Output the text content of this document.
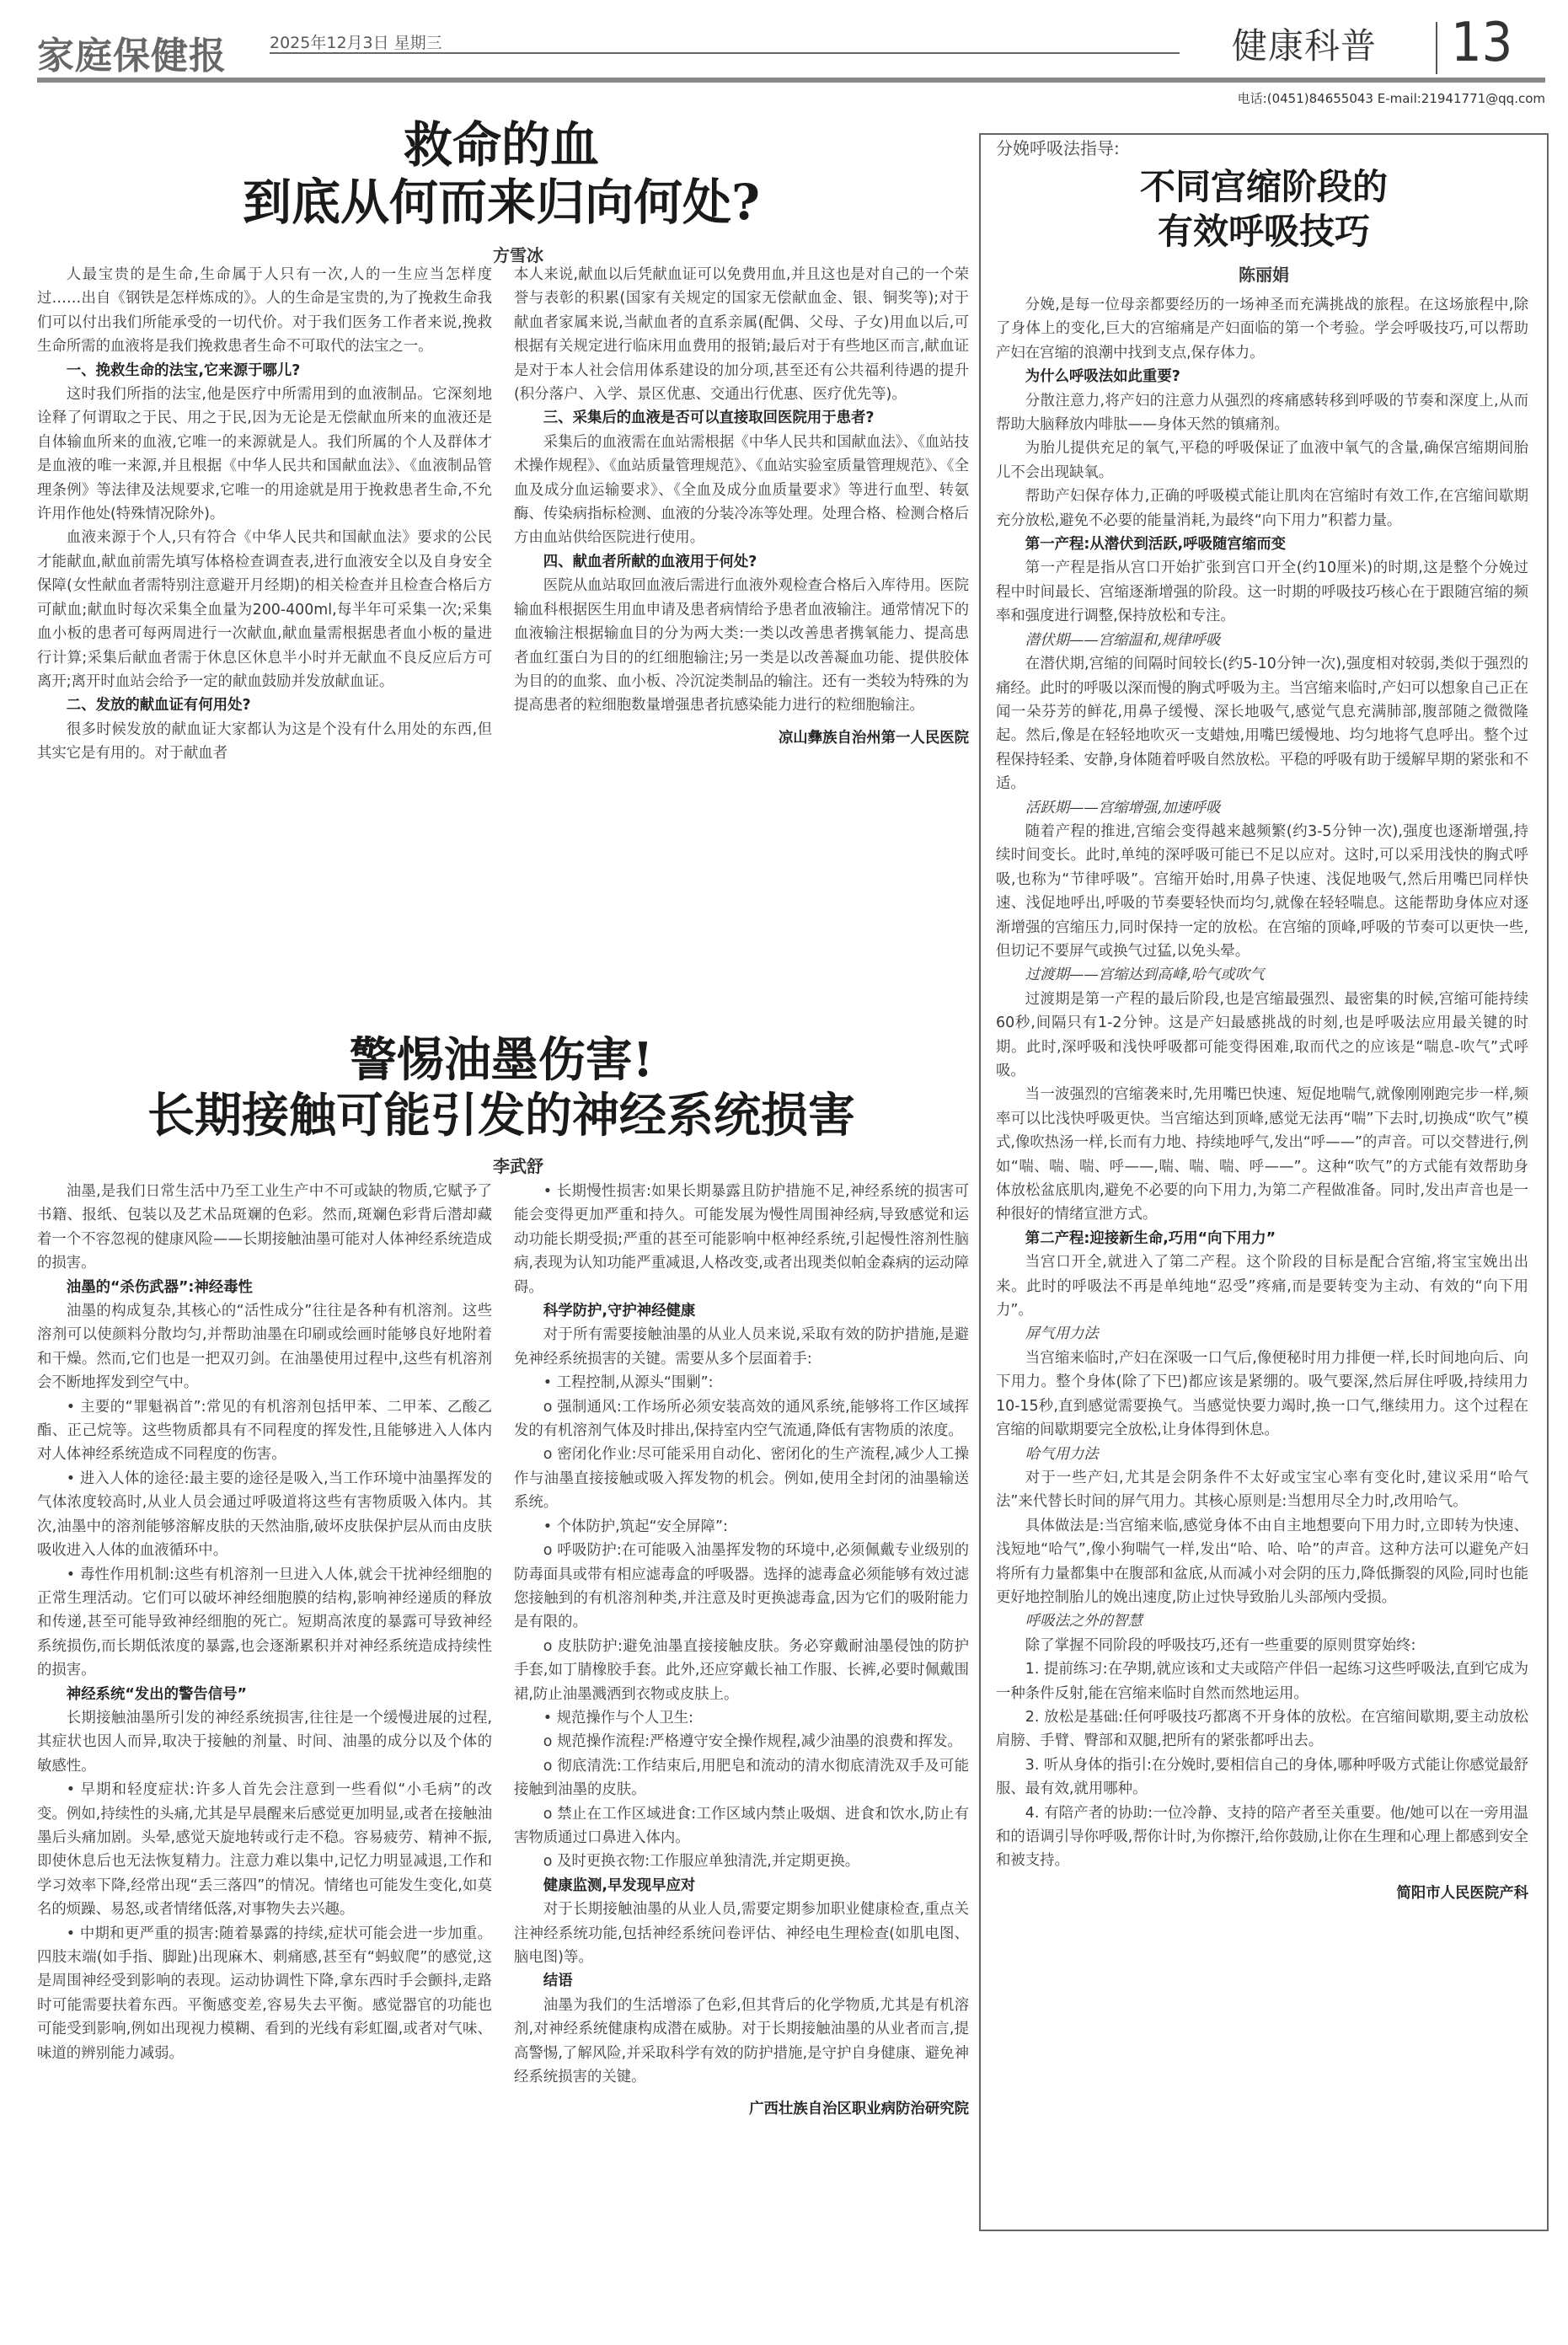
家庭保健报	2025年12月3日 星期三	健康科普 13
电话:(0451)84655043 E-mail:21941771@qq.com
救命的血
到底从何而来归向何处?
方雪冰

人最宝贵的是生命,生命属于人只有一次,人的一生应当怎样度过……出自《钢铁是怎样炼成的》。人的生命是宝贵的,为了挽救生命我们可以付出我们所能承受的一切代价。对于我们医务工作者来说,挽救生命所需的血液将是我们挽救患者生命不可取代的法宝之一。

一、挽救生命的法宝,它来源于哪儿?

这时我们所指的法宝,他是医疗中所需用到的血液制品。它深刻地诠释了何谓取之于民、用之于民,因为无论是无偿献血所来的血液还是自体输血所来的血液,它唯一的来源就是人。我们所属的个人及群体才是血液的唯一来源,并且根据《中华人民共和国献血法》、《血液制品管理条例》等法律及法规要求,它唯一的用途就是用于挽救患者生命,不允许用作他处(特殊情况除外)。

血液来源于个人,只有符合《中华人民共和国献血法》要求的公民才能献血,献血前需先填写体格检查调查表,进行血液安全以及自身安全保障(女性献血者需特别注意避开月经期)的相关检查并且检查合格后方可献血;献血时每次采集全血量为200-400ml,每半年可采集一次;采集血小板的患者可每两周进行一次献血,献血量需根据患者血小板的量进行计算;采集后献血者需于休息区休息半小时并无献血不良反应后方可离开;离开时血站会给予一定的献血鼓励并发放献血证。

二、发放的献血证有何用处?

很多时候发放的献血证大家都认为这是个没有什么用处的东西,但其实它是有用的。对于献血者

本人来说,献血以后凭献血证可以免费用血,并且这也是对自己的一个荣誉与表彰的积累(国家有关规定的国家无偿献血金、银、铜奖等);对于献血者家属来说,当献血者的直系亲属(配偶、父母、子女)用血以后,可根据有关规定进行临床用血费用的报销;最后对于有些地区而言,献血证是对于本人社会信用体系建设的加分项,甚至还有公共福利待遇的提升(积分落户、入学、景区优惠、交通出行优惠、医疗优先等)。

三、采集后的血液是否可以直接取回医院用于患者?

采集后的血液需在血站需根据《中华人民共和国献血法》、《血站技术操作规程》、《血站质量管理规范》、《血站实验室质量管理规范》、《全血及成分血运输要求》、《全血及成分血质量要求》等进行血型、转氨酶、传染病指标检测、血液的分装冷冻等处理。处理合格、检测合格后方由血站供给医院进行使用。

四、献血者所献的血液用于何处?

医院从血站取回血液后需进行血液外观检查合格后入库待用。医院输血科根据医生用血申请及患者病情给予患者血液输注。通常情况下的血液输注根据输血目的分为两大类:一类以改善患者携氧能力、提高患者血红蛋白为目的的红细胞输注;另一类是以改善凝血功能、提供胶体为目的的血浆、血小板、冷沉淀类制品的输注。还有一类较为特殊的为提高患者的粒细胞数量增强患者抗感染能力进行的粒细胞输注。

凉山彝族自治州第一人民医院

警惕油墨伤害!
长期接触可能引发的神经系统损害
李武舒

油墨,是我们日常生活中乃至工业生产中不可或缺的物质,它赋予了书籍、报纸、包装以及艺术品斑斓的色彩。然而,斑斓色彩背后潜却藏着一个不容忽视的健康风险——长期接触油墨可能对人体神经系统造成的损害。

油墨的“杀伤武器”:神经毒性

油墨的构成复杂,其核心的“活性成分”往往是各种有机溶剂。这些溶剂可以使颜料分散均匀,并帮助油墨在印刷或绘画时能够良好地附着和干燥。然而,它们也是一把双刃剑。在油墨使用过程中,这些有机溶剂会不断地挥发到空气中。

• 主要的“罪魁祸首”:常见的有机溶剂包括甲苯、二甲苯、乙酸乙酯、正己烷等。这些物质都具有不同程度的挥发性,且能够进入人体内对人体神经系统造成不同程度的伤害。

• 进入人体的途径:最主要的途径是吸入,当工作环境中油墨挥发的气体浓度较高时,从业人员会通过呼吸道将这些有害物质吸入体内。其次,油墨中的溶剂能够溶解皮肤的天然油脂,破坏皮肤保护层从而由皮肤吸收进入人体的血液循环中。

• 毒性作用机制:这些有机溶剂一旦进入人体,就会干扰神经细胞的正常生理活动。它们可以破坏神经细胞膜的结构,影响神经递质的释放和传递,甚至可能导致神经细胞的死亡。短期高浓度的暴露可导致神经系统损伤,而长期低浓度的暴露,也会逐渐累积并对神经系统造成持续性的损害。

神经系统“发出的警告信号”

长期接触油墨所引发的神经系统损害,往往是一个缓慢进展的过程,其症状也因人而异,取决于接触的剂量、时间、油墨的成分以及个体的敏感性。

• 早期和轻度症状:许多人首先会注意到一些看似“小毛病”的改变。例如,持续性的头痛,尤其是早晨醒来后感觉更加明显,或者在接触油墨后头痛加剧。头晕,感觉天旋地转或行走不稳。容易疲劳、精神不振,即使休息后也无法恢复精力。注意力难以集中,记忆力明显减退,工作和学习效率下降,经常出现“丢三落四”的情况。情绪也可能发生变化,如莫名的烦躁、易怒,或者情绪低落,对事物失去兴趣。

• 中期和更严重的损害:随着暴露的持续,症状可能会进一步加重。四肢末端(如手指、脚趾)出现麻木、刺痛感,甚至有“蚂蚁爬”的感觉,这是周围神经受到影响的表现。运动协调性下降,拿东西时手会颤抖,走路时可能需要扶着东西。平衡感变差,容易失去平衡。感觉器官的功能也可能受到影响,例如出现视力模糊、看到的光线有彩虹圈,或者对气味、味道的辨别能力减弱。

• 长期慢性损害:如果长期暴露且防护措施不足,神经系统的损害可能会变得更加严重和持久。可能发展为慢性周围神经病,导致感觉和运动功能长期受损;严重的甚至可能影响中枢神经系统,引起慢性溶剂性脑病,表现为认知功能严重减退,人格改变,或者出现类似帕金森病的运动障碍。

科学防护,守护神经健康

对于所有需要接触油墨的从业人员来说,采取有效的防护措施,是避免神经系统损害的关键。需要从多个层面着手:

• 工程控制,从源头“围剿”:

o 强制通风:工作场所必须安装高效的通风系统,能够将工作区域挥发的有机溶剂气体及时排出,保持室内空气流通,降低有害物质的浓度。

o 密闭化作业:尽可能采用自动化、密闭化的生产流程,减少人工操作与油墨直接接触或吸入挥发物的机会。例如,使用全封闭的油墨输送系统。

• 个体防护,筑起“安全屏障”:

o 呼吸防护:在可能吸入油墨挥发物的环境中,必须佩戴专业级别的防毒面具或带有相应滤毒盒的呼吸器。选择的滤毒盒必须能够有效过滤您接触到的有机溶剂种类,并注意及时更换滤毒盒,因为它们的吸附能力是有限的。

o 皮肤防护:避免油墨直接接触皮肤。务必穿戴耐油墨侵蚀的防护手套,如丁腈橡胶手套。此外,还应穿戴长袖工作服、长裤,必要时佩戴围裙,防止油墨溅洒到衣物或皮肤上。

• 规范操作与个人卫生:

o 规范操作流程:严格遵守安全操作规程,减少油墨的浪费和挥发。

o 彻底清洗:工作结束后,用肥皂和流动的清水彻底清洗双手及可能接触到油墨的皮肤。

o 禁止在工作区域进食:工作区域内禁止吸烟、进食和饮水,防止有害物质通过口鼻进入体内。

o 及时更换衣物:工作服应单独清洗,并定期更换。

健康监测,早发现早应对

对于长期接触油墨的从业人员,需要定期参加职业健康检查,重点关注神经系统功能,包括神经系统问卷评估、神经电生理检查(如肌电图、脑电图)等。

结语

油墨为我们的生活增添了色彩,但其背后的化学物质,尤其是有机溶剂,对神经系统健康构成潜在威胁。对于长期接触油墨的从业者而言,提高警惕,了解风险,并采取科学有效的防护措施,是守护自身健康、避免神经系统损害的关键。

广西壮族自治区职业病防治研究院

分娩呼吸法指导:
不同宫缩阶段的
有效呼吸技巧
陈丽娟

分娩,是每一位母亲都要经历的一场神圣而充满挑战的旅程。在这场旅程中,除了身体上的变化,巨大的宫缩痛是产妇面临的第一个考验。学会呼吸技巧,可以帮助产妇在宫缩的浪潮中找到支点,保存体力。

为什么呼吸法如此重要?

分散注意力,将产妇的注意力从强烈的疼痛感转移到呼吸的节奏和深度上,从而帮助大脑释放内啡肽——身体天然的镇痛剂。

为胎儿提供充足的氧气,平稳的呼吸保证了血液中氧气的含量,确保宫缩期间胎儿不会出现缺氧。

帮助产妇保存体力,正确的呼吸模式能让肌肉在宫缩时有效工作,在宫缩间歇期充分放松,避免不必要的能量消耗,为最终“向下用力”积蓄力量。

第一产程:从潜伏到活跃,呼吸随宫缩而变

第一产程是指从宫口开始扩张到宫口开全(约10厘米)的时期,这是整个分娩过程中时间最长、宫缩逐渐增强的阶段。这一时期的呼吸技巧核心在于跟随宫缩的频率和强度进行调整,保持放松和专注。

潜伏期——宫缩温和,规律呼吸

在潜伏期,宫缩的间隔时间较长(约5-10分钟一次),强度相对较弱,类似于强烈的痛经。此时的呼吸以深而慢的胸式呼吸为主。当宫缩来临时,产妇可以想象自己正在闻一朵芬芳的鲜花,用鼻子缓慢、深长地吸气,感觉气息充满肺部,腹部随之微微隆起。然后,像是在轻轻地吹灭一支蜡烛,用嘴巴缓慢地、均匀地将气息呼出。整个过程保持轻柔、安静,身体随着呼吸自然放松。平稳的呼吸有助于缓解早期的紧张和不适。

活跃期——宫缩增强,加速呼吸

随着产程的推进,宫缩会变得越来越频繁(约3-5分钟一次),强度也逐渐增强,持续时间变长。此时,单纯的深呼吸可能已不足以应对。这时,可以采用浅快的胸式呼吸,也称为“节律呼吸”。宫缩开始时,用鼻子快速、浅促地吸气,然后用嘴巴同样快速、浅促地呼出,呼吸的节奏要轻快而均匀,就像在轻轻喘息。这能帮助身体应对逐渐增强的宫缩压力,同时保持一定的放松。在宫缩的顶峰,呼吸的节奏可以更快一些,但切记不要屏气或换气过猛,以免头晕。

过渡期——宫缩达到高峰,哈气或吹气

过渡期是第一产程的最后阶段,也是宫缩最强烈、最密集的时候,宫缩可能持续60秒,间隔只有1-2分钟。这是产妇最感挑战的时刻,也是呼吸法应用最关键的时期。此时,深呼吸和浅快呼吸都可能变得困难,取而代之的应该是“喘息-吹气”式呼吸。

当一波强烈的宫缩袭来时,先用嘴巴快速、短促地喘气,就像刚刚跑完步一样,频率可以比浅快呼吸更快。当宫缩达到顶峰,感觉无法再“喘”下去时,切换成“吹气”模式,像吹热汤一样,长而有力地、持续地呼气,发出“呼——”的声音。可以交替进行,例如“喘、喘、喘、呼——,喘、喘、喘、呼——”。这种“吹气”的方式能有效帮助身体放松盆底肌肉,避免不必要的向下用力,为第二产程做准备。同时,发出声音也是一种很好的情绪宣泄方式。

第二产程:迎接新生命,巧用“向下用力”

当宫口开全,就进入了第二产程。这个阶段的目标是配合宫缩,将宝宝娩出出来。此时的呼吸法不再是单纯地“忍受”疼痛,而是要转变为主动、有效的“向下用力”。

屏气用力法

当宫缩来临时,产妇在深吸一口气后,像便秘时用力排便一样,长时间地向后、向下用力。整个身体(除了下巴)都应该是紧绷的。吸气要深,然后屏住呼吸,持续用力10-15秒,直到感觉需要换气。当感觉快要力竭时,换一口气,继续用力。这个过程在宫缩的间歇期要完全放松,让身体得到休息。

哈气用力法

对于一些产妇,尤其是会阴条件不太好或宝宝心率有变化时,建议采用“哈气法”来代替长时间的屏气用力。其核心原则是:当想用尽全力时,改用哈气。

具体做法是:当宫缩来临,感觉身体不由自主地想要向下用力时,立即转为快速、浅短地“哈气”,像小狗喘气一样,发出“哈、哈、哈”的声音。这种方法可以避免产妇将所有力量都集中在腹部和盆底,从而减小对会阴的压力,降低撕裂的风险,同时也能更好地控制胎儿的娩出速度,防止过快导致胎儿头部颅内受损。

呼吸法之外的智慧

除了掌握不同阶段的呼吸技巧,还有一些重要的原则贯穿始终:

1. 提前练习:在孕期,就应该和丈夫或陪产伴侣一起练习这些呼吸法,直到它成为一种条件反射,能在宫缩来临时自然而然地运用。

2. 放松是基础:任何呼吸技巧都离不开身体的放松。在宫缩间歇期,要主动放松肩膀、手臂、臀部和双腿,把所有的紧张都呼出去。

3. 听从身体的指引:在分娩时,要相信自己的身体,哪种呼吸方式能让你感觉最舒服、最有效,就用哪种。

4. 有陪产者的协助:一位冷静、支持的陪产者至关重要。他/她可以在一旁用温和的语调引导你呼吸,帮你计时,为你擦汗,给你鼓励,让你在生理和心理上都感到安全和被支持。

简阳市人民医院产科
